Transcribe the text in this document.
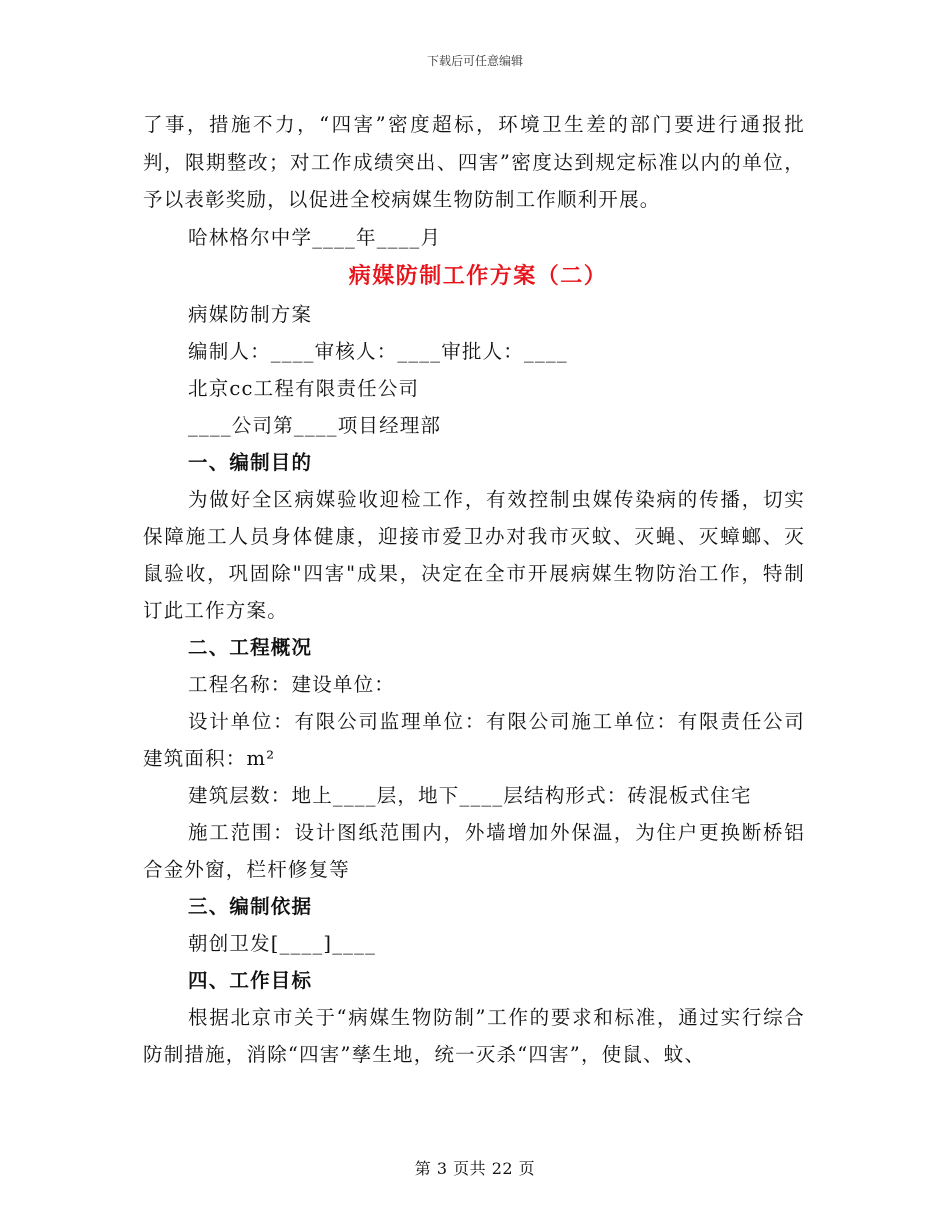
下载后可任意编辑

了事，措施不力，“四害”密度超标，环境卫生差的部门要进行通报批判，限期整改；对工作成绩突出、四害”密度达到规定标准以内的单位，予以表彰奖励，以促进全校病媒生物防制工作顺利开展。

哈林格尔中学____年____月

病媒防制工作方案（二）

病媒防制方案

编制人：____审核人：____审批人：____

北京cc工程有限责任公司

____公司第____项目经理部

一、编制目的

为做好全区病媒验收迎检工作，有效控制虫媒传染病的传播，切实保障施工人员身体健康，迎接市爱卫办对我市灭蚊、灭蝇、灭蟑螂、灭鼠验收，巩固除"四害"成果，决定在全市开展病媒生物防治工作，特制订此工作方案。

二、工程概况

工程名称：建设单位：

设计单位：有限公司监理单位：有限公司施工单位：有限责任公司建筑面积：m²

建筑层数：地上____层，地下____层结构形式：砖混板式住宅

施工范围：设计图纸范围内，外墙增加外保温，为住户更换断桥铝合金外窗，栏杆修复等

三、编制依据

朝创卫发[____]____

四、工作目标

根据北京市关于“病媒生物防制”工作的要求和标准，通过实行综合防制措施，消除“四害”孳生地，统一灭杀“四害”，使鼠、蚊、

第 3 页共 22 页
